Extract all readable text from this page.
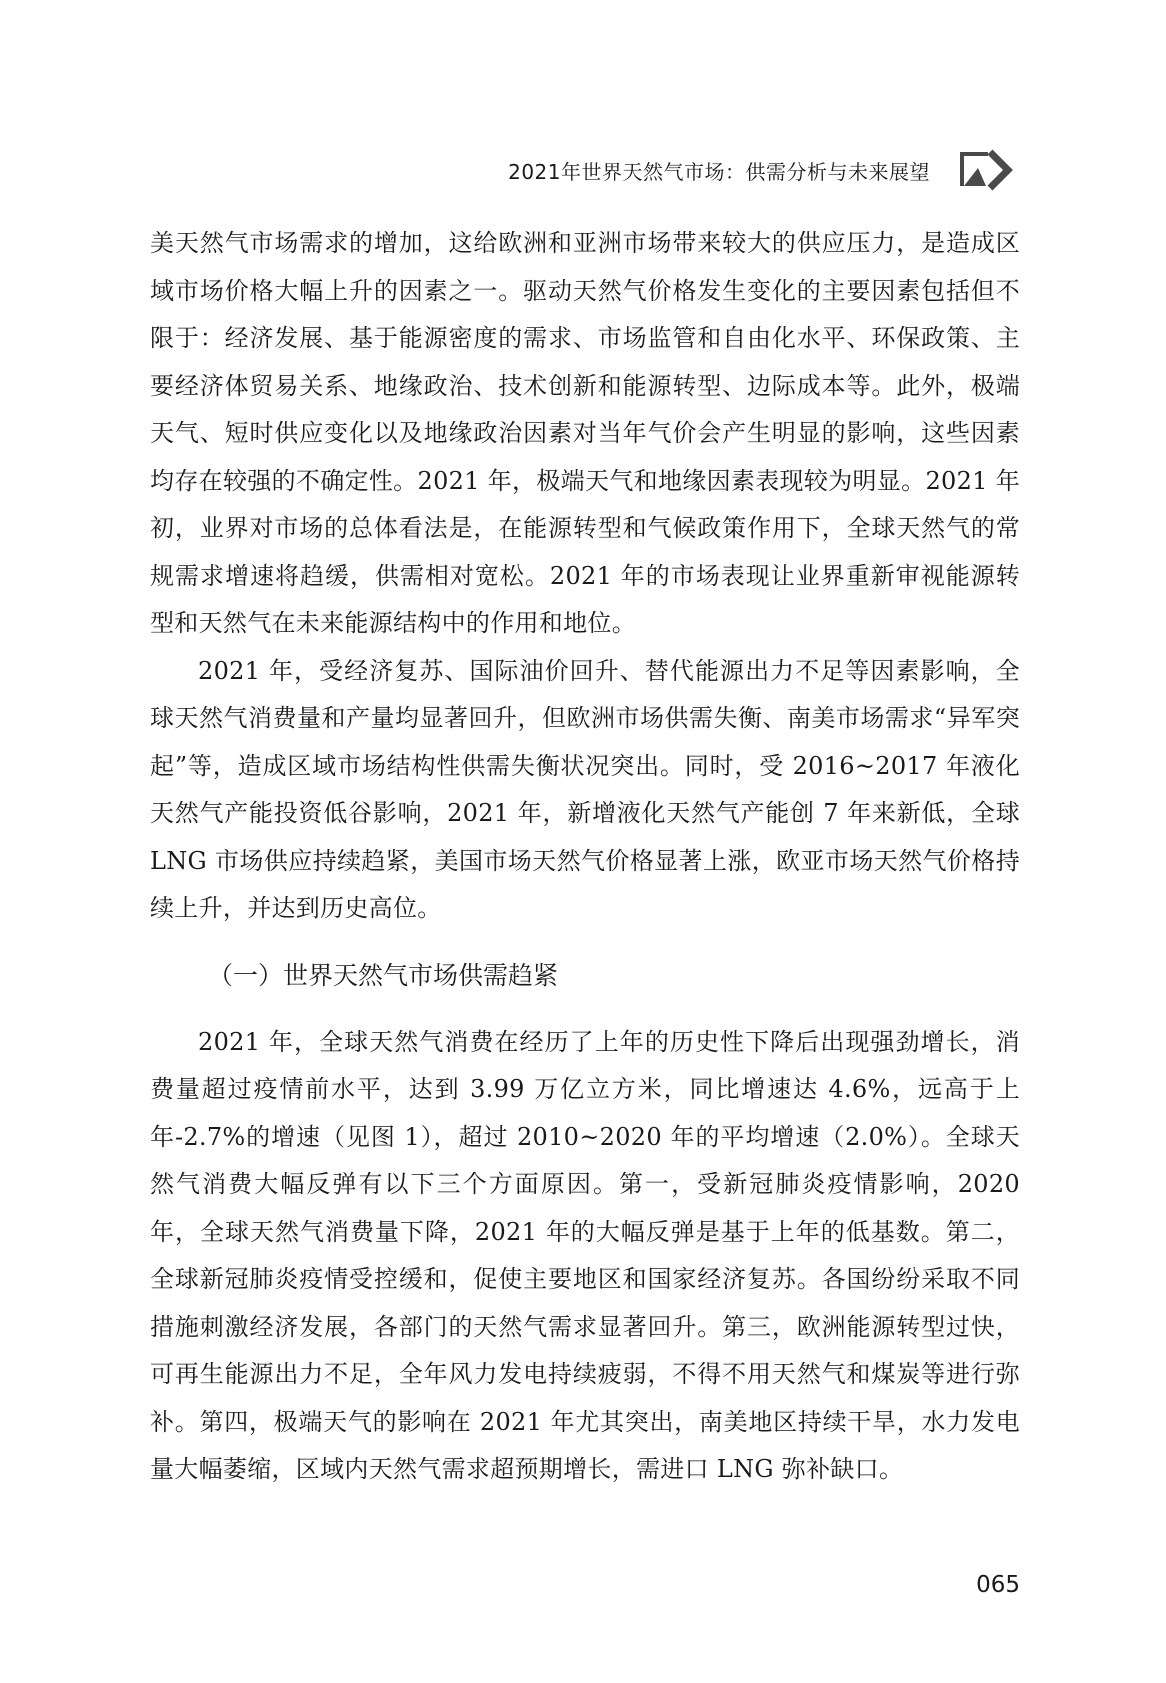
2021年世界天然气市场：供需分析与未来展望

美天然气市场需求的增加，这给欧洲和亚洲市场带来较大的供应压力，是造成区域市场价格大幅上升的因素之一。驱动天然气价格发生变化的主要因素包括但不限于：经济发展、基于能源密度的需求、市场监管和自由化水平、环保政策、主要经济体贸易关系、地缘政治、技术创新和能源转型、边际成本等。此外，极端天气、短时供应变化以及地缘政治因素对当年气价会产生明显的影响，这些因素均存在较强的不确定性。2021 年，极端天气和地缘因素表现较为明显。2021 年初，业界对市场的总体看法是，在能源转型和气候政策作用下，全球天然气的常规需求增速将趋缓，供需相对宽松。2021 年的市场表现让业界重新审视能源转型和天然气在未来能源结构中的作用和地位。

2021 年，受经济复苏、国际油价回升、替代能源出力不足等因素影响，全球天然气消费量和产量均显著回升，但欧洲市场供需失衡、南美市场需求“异军突起”等，造成区域市场结构性供需失衡状况突出。同时，受 2016~2017 年液化天然气产能投资低谷影响，2021 年，新增液化天然气产能创 7 年来新低，全球 LNG 市场供应持续趋紧，美国市场天然气价格显著上涨，欧亚市场天然气价格持续上升，并达到历史高位。

（一）世界天然气市场供需趋紧

2021 年，全球天然气消费在经历了上年的历史性下降后出现强劲增长，消费量超过疫情前水平，达到 3.99 万亿立方米，同比增速达 4.6%，远高于上年-2.7%的增速（见图 1），超过 2010~2020 年的平均增速（2.0%）。全球天然气消费大幅反弹有以下三个方面原因。第一，受新冠肺炎疫情影响，2020 年，全球天然气消费量下降，2021 年的大幅反弹是基于上年的低基数。第二，全球新冠肺炎疫情受控缓和，促使主要地区和国家经济复苏。各国纷纷采取不同措施刺激经济发展，各部门的天然气需求显著回升。第三，欧洲能源转型过快，可再生能源出力不足，全年风力发电持续疲弱，不得不用天然气和煤炭等进行弥补。第四，极端天气的影响在 2021 年尤其突出，南美地区持续干旱，水力发电量大幅萎缩，区域内天然气需求超预期增长，需进口 LNG 弥补缺口。

065
